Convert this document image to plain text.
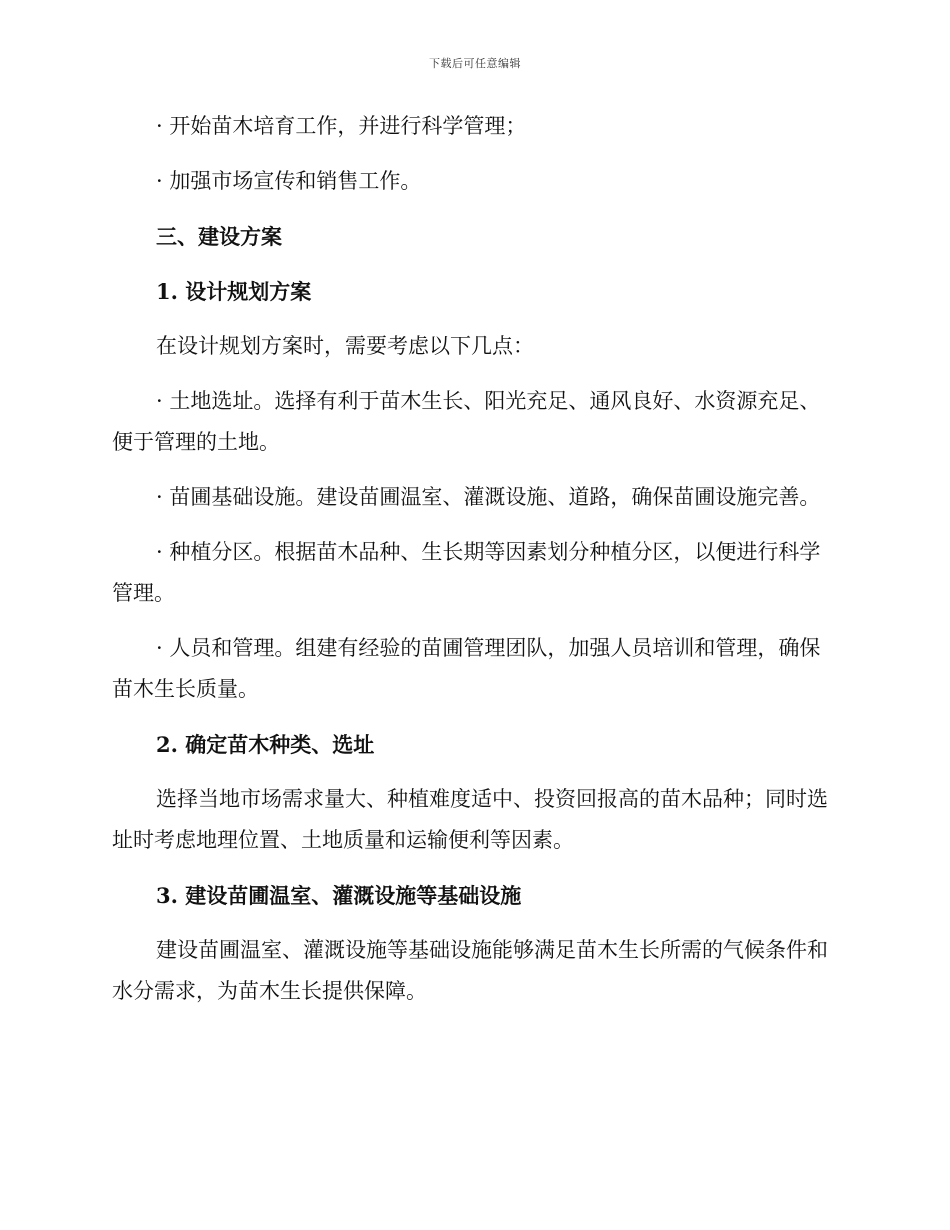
下载后可任意编辑
· 开始苗木培育工作，并进行科学管理；
· 加强市场宣传和销售工作。
三、建设方案
1. 设计规划方案
在设计规划方案时，需要考虑以下几点：
· 土地选址。选择有利于苗木生长、阳光充足、通风良好、水资源充足、便于管理的土地。
· 苗圃基础设施。建设苗圃温室、灌溉设施、道路，确保苗圃设施完善。
· 种植分区。根据苗木品种、生长期等因素划分种植分区，以便进行科学管理。
· 人员和管理。组建有经验的苗圃管理团队，加强人员培训和管理，确保苗木生长质量。
2. 确定苗木种类、选址
选择当地市场需求量大、种植难度适中、投资回报高的苗木品种；同时选址时考虑地理位置、土地质量和运输便利等因素。
3. 建设苗圃温室、灌溉设施等基础设施
建设苗圃温室、灌溉设施等基础设施能够满足苗木生长所需的气候条件和水分需求，为苗木生长提供保障。
